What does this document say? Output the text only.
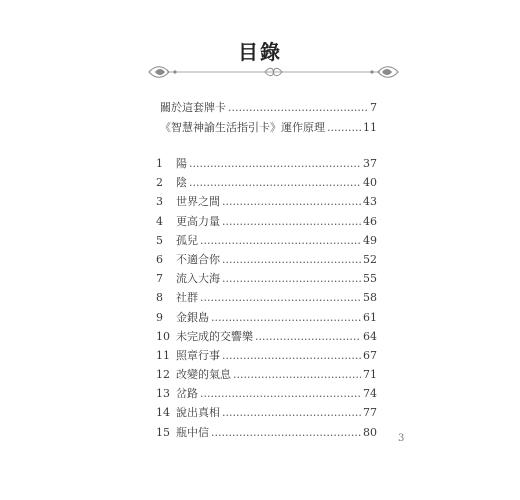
目錄
關於這套牌卡 .....	7
《智慧神諭生活指引卡》運作原理 .....	11
1	陽 .....	37
2	陰 .....	40
3	世界之間 .....	43
4	更高力量 .....	46
5	孤兒 .....	49
6	不適合你 .....	52
7	流入大海 .....	55
8	社群 .....	58
9	金銀島 .....	61
10 未完成的交響樂 .....	64
11 照章行事 .....	67
12 改變的氣息 .....	71
13 岔路 .....	74
14 說出真相 .....	77
15 瓶中信 .....	80 3
